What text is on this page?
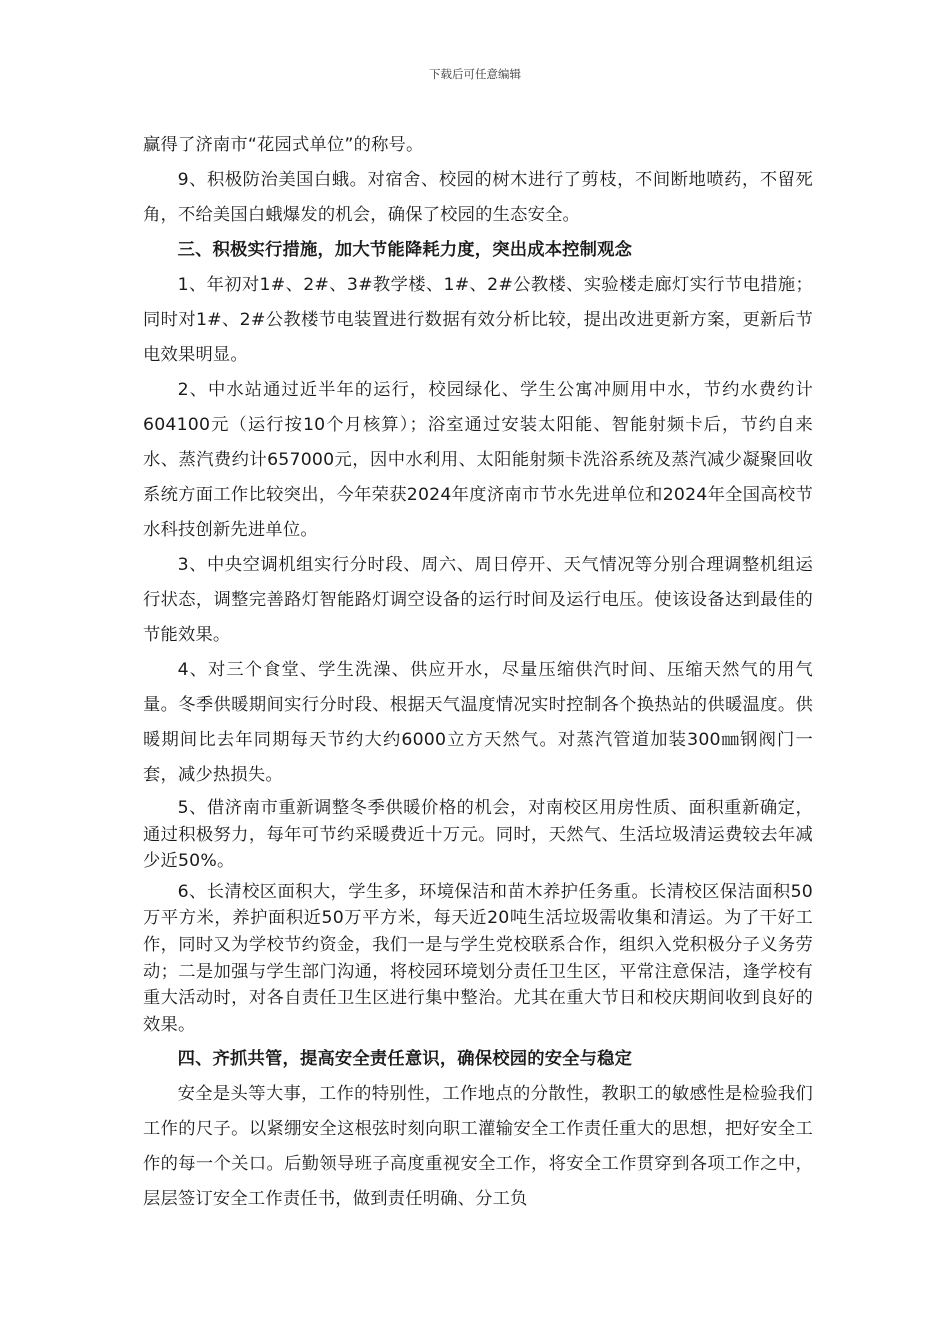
下载后可任意编辑

赢得了济南市“花园式单位”的称号。

9、积极防治美国白蛾。对宿舍、校园的树木进行了剪枝，不间断地喷药，不留死角，不给美国白蛾爆发的机会，确保了校园的生态安全。

三、积极实行措施，加大节能降耗力度，突出成本控制观念

1、年初对1#、2#、3#教学楼、1#、2#公教楼、实验楼走廊灯实行节电措施；同时对1#、2#公教楼节电装置进行数据有效分析比较，提出改进更新方案，更新后节电效果明显。

2、中水站通过近半年的运行，校园绿化、学生公寓冲厕用中水，节约水费约计604100元（运行按10个月核算）；浴室通过安装太阳能、智能射频卡后，节约自来水、蒸汽费约计657000元，因中水利用、太阳能射频卡洗浴系统及蒸汽减少凝聚回收系统方面工作比较突出，今年荣获2024年度济南市节水先进单位和2024年全国高校节水科技创新先进单位。

3、中央空调机组实行分时段、周六、周日停开、天气情况等分别合理调整机组运行状态，调整完善路灯智能路灯调空设备的运行时间及运行电压。使该设备达到最佳的节能效果。

4、对三个食堂、学生洗澡、供应开水，尽量压缩供汽时间、压缩天然气的用气量。冬季供暖期间实行分时段、根据天气温度情况实时控制各个换热站的供暖温度。供暖期间比去年同期每天节约大约6000立方天然气。对蒸汽管道加装300㎜钢阀门一套，减少热损失。

5、借济南市重新调整冬季供暖价格的机会，对南校区用房性质、面积重新确定，通过积极努力，每年可节约采暖费近十万元。同时，天然气、生活垃圾清运费较去年减少近50%。

6、长清校区面积大，学生多，环境保洁和苗木养护任务重。长清校区保洁面积50万平方米，养护面积近50万平方米，每天近20吨生活垃圾需收集和清运。为了干好工作，同时又为学校节约资金，我们一是与学生党校联系合作，组织入党积极分子义务劳动；二是加强与学生部门沟通，将校园环境划分责任卫生区，平常注意保洁，逢学校有重大活动时，对各自责任卫生区进行集中整治。尤其在重大节日和校庆期间收到良好的效果。

四、齐抓共管，提高安全责任意识，确保校园的安全与稳定

安全是头等大事，工作的特别性，工作地点的分散性，教职工的敏感性是检验我们工作的尺子。以紧绷安全这根弦时刻向职工灌输安全工作责任重大的思想，把好安全工作的每一个关口。后勤领导班子高度重视安全工作，将安全工作贯穿到各项工作之中，层层签订安全工作责任书，做到责任明确、分工负
